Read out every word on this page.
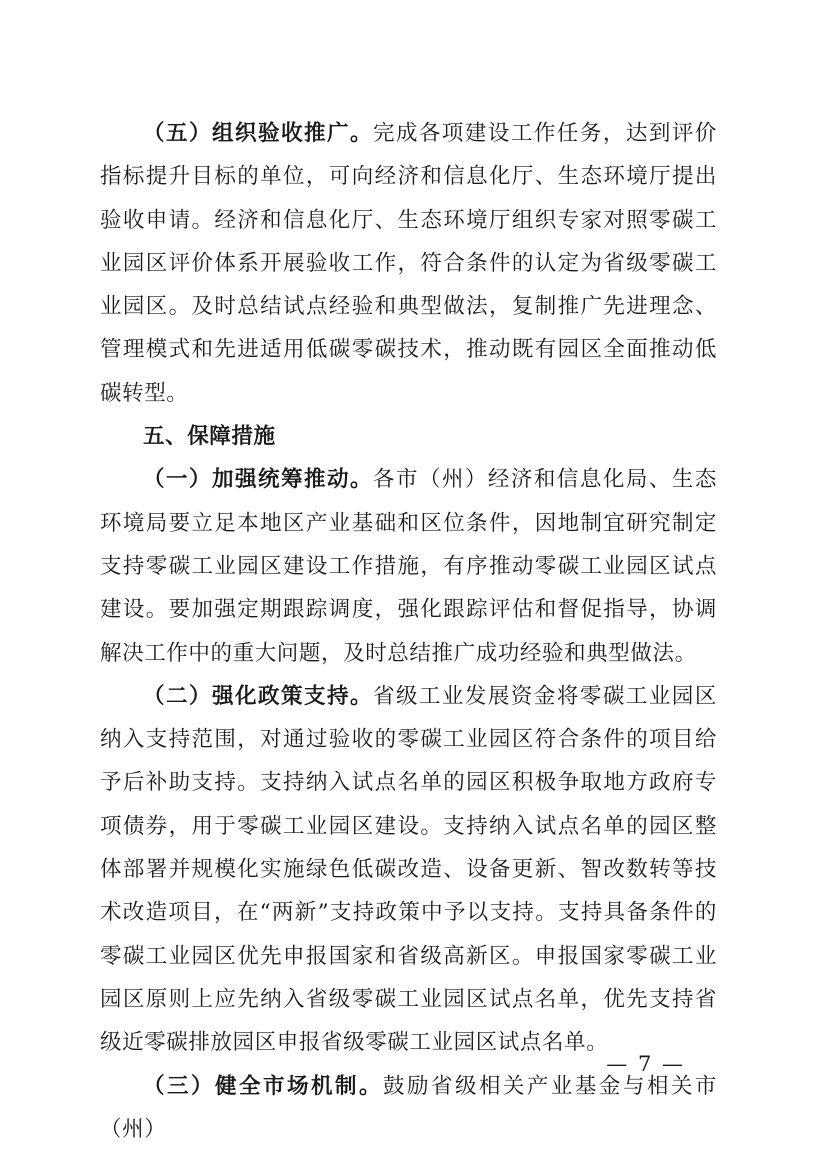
（五）组织验收推广。完成各项建设工作任务，达到评价指标提升目标的单位，可向经济和信息化厅、生态环境厅提出验收申请。经济和信息化厅、生态环境厅组织专家对照零碳工业园区评价体系开展验收工作，符合条件的认定为省级零碳工业园区。及时总结试点经验和典型做法，复制推广先进理念、管理模式和先进适用低碳零碳技术，推动既有园区全面推动低碳转型。

五、保障措施

（一）加强统筹推动。各市（州）经济和信息化局、生态环境局要立足本地区产业基础和区位条件，因地制宜研究制定支持零碳工业园区建设工作措施，有序推动零碳工业园区试点建设。要加强定期跟踪调度，强化跟踪评估和督促指导，协调解决工作中的重大问题，及时总结推广成功经验和典型做法。

（二）强化政策支持。省级工业发展资金将零碳工业园区纳入支持范围，对通过验收的零碳工业园区符合条件的项目给予后补助支持。支持纳入试点名单的园区积极争取地方政府专项债券，用于零碳工业园区建设。支持纳入试点名单的园区整体部署并规模化实施绿色低碳改造、设备更新、智改数转等技术改造项目，在“两新”支持政策中予以支持。支持具备条件的零碳工业园区优先申报国家和省级高新区。申报国家零碳工业园区原则上应先纳入省级零碳工业园区试点名单，优先支持省级近零碳排放园区申报省级零碳工业园区试点名单。

（三）健全市场机制。鼓励省级相关产业基金与相关市（州）

— 7 —
